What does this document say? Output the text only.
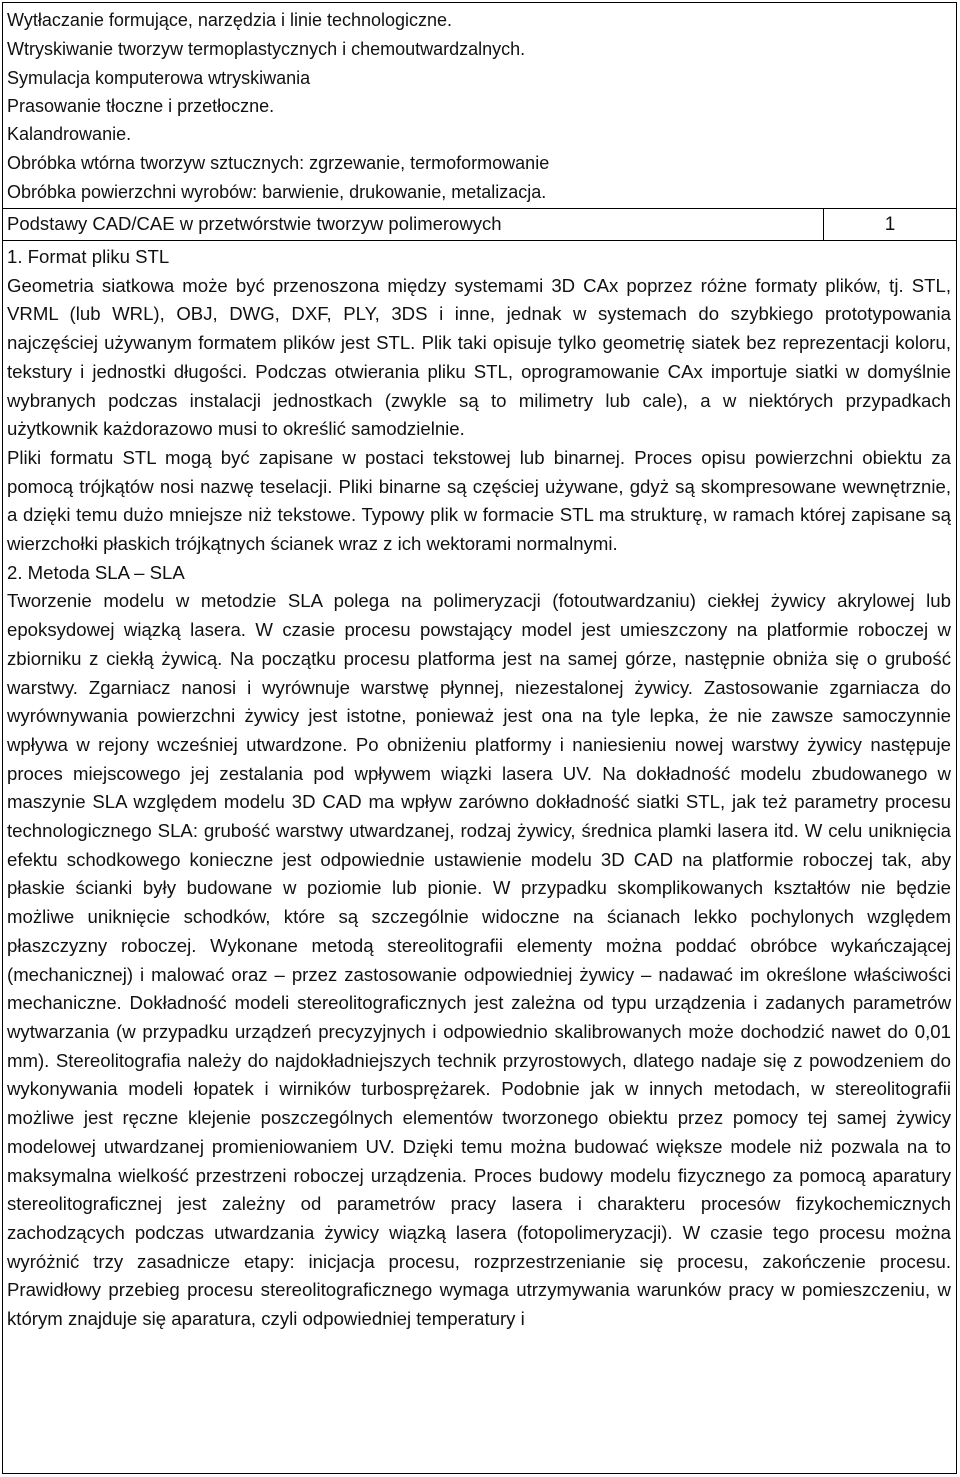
Wytłaczanie formujące, narzędzia i linie technologiczne.
Wtryskiwanie tworzyw termoplastycznych i chemoutwardzalnych.
Symulacja komputerowa wtryskiwania
Prasowanie tłoczne i przetłoczne.
Kalandrowanie.
Obróbka wtórna tworzyw sztucznych: zgrzewanie, termoformowanie
Obróbka powierzchni wyrobów: barwienie, drukowanie, metalizacja.
Podstawy CAD/CAE w przetwórstwie tworzyw polimerowych	1

1. Format pliku STL

Geometria siatkowa może być przenoszona między systemami 3D CAx poprzez różne formaty plików, tj. STL, VRML (lub WRL), OBJ, DWG, DXF, PLY, 3DS i inne, jednak w systemach do szybkiego prototypowania najczęściej używanym formatem plików jest STL. Plik taki opisuje tylko geometrię siatek bez reprezentacji koloru, tekstury i jednostki długości. Podczas otwierania pliku STL, oprogramowanie CAx importuje siatki w domyślnie wybranych podczas instalacji jednostkach (zwykle są to milimetry lub cale), a w niektórych przypadkach użytkownik każdorazowo musi to określić samodzielnie.

Pliki formatu STL mogą być zapisane w postaci tekstowej lub binarnej. Proces opisu powierzchni obiektu za pomocą trójkątów nosi nazwę teselacji. Pliki binarne są częściej używane, gdyż są skompresowane wewnętrznie, a dzięki temu dużo mniejsze niż tekstowe. Typowy plik w formacie STL ma strukturę, w ramach której zapisane są wierzchołki płaskich trójkątnych ścianek wraz z ich wektorami normalnymi.

2. Metoda SLA – SLA

Tworzenie modelu w metodzie SLA polega na polimeryzacji (fotoutwardzaniu) ciekłej żywicy akrylowej lub epoksydowej wiązką lasera. W czasie procesu powstający model jest umieszczony na platformie roboczej w zbiorniku z ciekłą żywicą. Na początku procesu platforma jest na samej górze, następnie obniża się o grubość warstwy. Zgarniacz nanosi i wyrównuje warstwę płynnej, niezestalonej żywicy. Zastosowanie zgarniacza do wyrównywania powierzchni żywicy jest istotne, ponieważ jest ona na tyle lepka, że nie zawsze samoczynnie wpływa w rejony wcześniej utwardzone. Po obniżeniu platformy i naniesieniu nowej warstwy żywicy następuje proces miejscowego jej zestalania pod wpływem wiązki lasera UV. Na dokładność modelu zbudowanego w maszynie SLA względem modelu 3D CAD ma wpływ zarówno dokładność siatki STL, jak też parametry procesu technologicznego SLA: grubość warstwy utwardzanej, rodzaj żywicy, średnica plamki lasera itd. W celu uniknięcia efektu schodkowego konieczne jest odpowiednie ustawienie modelu 3D CAD na platformie roboczej tak, aby płaskie ścianki były budowane w poziomie lub pionie. W przypadku skomplikowanych kształtów nie będzie możliwe uniknięcie schodków, które są szczególnie widoczne na ścianach lekko pochylonych względem płaszczyzny roboczej. Wykonane metodą stereolitografii elementy można poddać obróbce wykańczającej (mechanicznej) i malować oraz – przez zastosowanie odpowiedniej żywicy – nadawać im określone właściwości mechaniczne. Dokładność modeli stereolitograficznych jest zależna od typu urządzenia i zadanych parametrów wytwarzania (w przypadku urządzeń precyzyjnych i odpowiednio skalibrowanych może dochodzić nawet do 0,01 mm). Stereolitografia należy do najdokładniejszych technik przyrostowych, dlatego nadaje się z powodzeniem do wykonywania modeli łopatek i wirników turbosprężarek. Podobnie jak w innych metodach, w stereolitografii możliwe jest ręczne klejenie poszczególnych elementów tworzonego obiektu przez pomocy tej samej żywicy modelowej utwardzanej promieniowaniem UV. Dzięki temu można budować większe modele niż pozwala na to maksymalna wielkość przestrzeni roboczej urządzenia. Proces budowy modelu fizycznego za pomocą aparatury stereolitograficznej jest zależny od parametrów pracy lasera i charakteru procesów fizykochemicznych zachodzących podczas utwardzania żywicy wiązką lasera (fotopolimeryzacji). W czasie tego procesu można wyróżnić trzy zasadnicze etapy: inicjacja procesu, rozprzestrzenianie się procesu, zakończenie procesu. Prawidłowy przebieg procesu stereolitograficznego wymaga utrzymywania warunków pracy w pomieszczeniu, w którym znajduje się aparatura, czyli odpowiedniej temperatury i
